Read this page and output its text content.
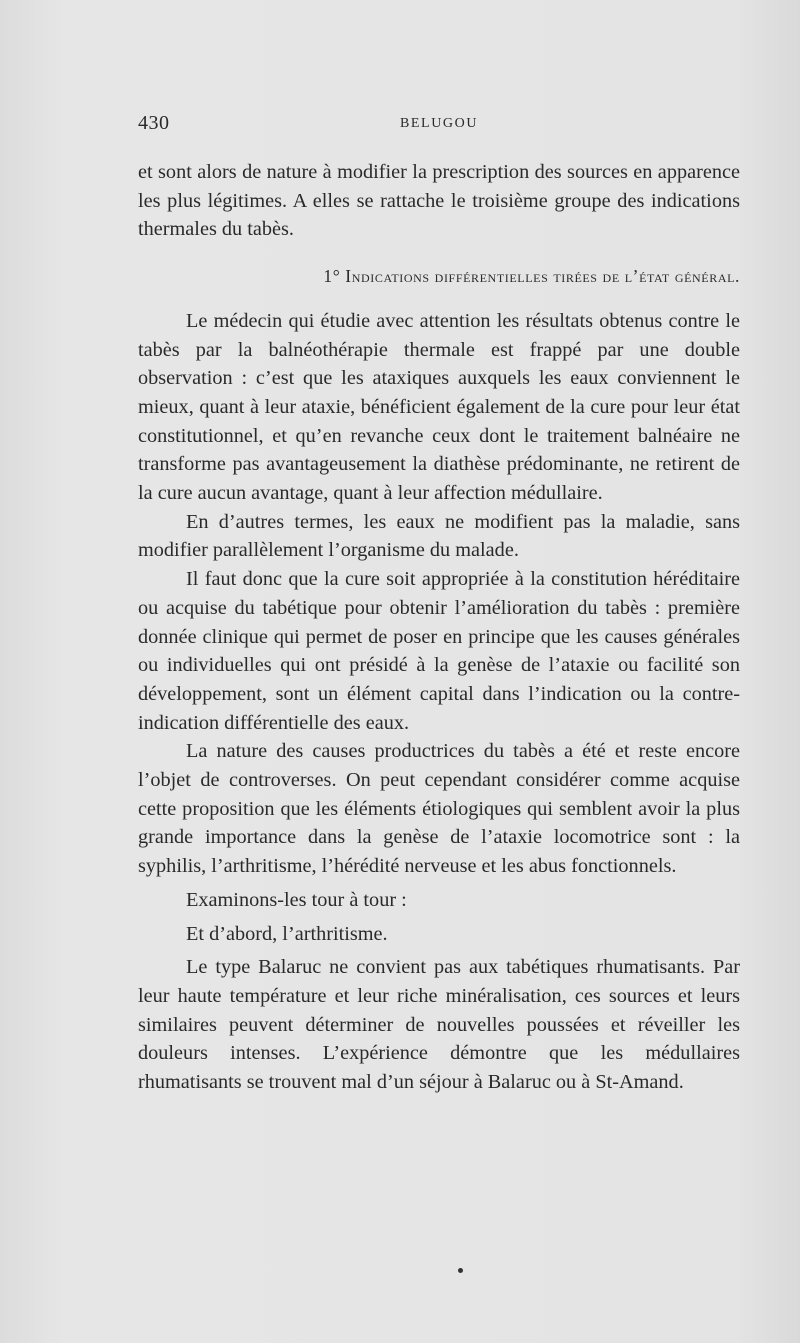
430	BELUGOU

et sont alors de nature à modifier la prescription des sources en apparence les plus légitimes. A elles se rattache le troisième groupe des indications thermales du tabès.

1° Indications différentielles tirées de l’état général.

Le médecin qui étudie avec attention les résultats obtenus contre le tabès par la balnéothérapie thermale est frappé par une double observation : c’est que les ataxiques auxquels les eaux conviennent le mieux, quant à leur ataxie, bénéficient également de la cure pour leur état constitutionnel, et qu’en revanche ceux dont le traitement balnéaire ne transforme pas avantageusement la diathèse prédominante, ne retirent de la cure aucun avantage, quant à leur affection médullaire.

En d’autres termes, les eaux ne modifient pas la maladie, sans modifier parallèlement l’organisme du malade.

Il faut donc que la cure soit appropriée à la constitution héréditaire ou acquise du tabétique pour obtenir l’amélioration du tabès : première donnée clinique qui permet de poser en principe que les causes générales ou individuelles qui ont présidé à la genèse de l’ataxie ou facilité son développement, sont un élément capital dans l’indication ou la contre-indication différentielle des eaux.

La nature des causes productrices du tabès a été et reste encore l’objet de controverses. On peut cependant considérer comme acquise cette proposition que les éléments étiologiques qui semblent avoir la plus grande importance dans la genèse de l’ataxie locomotrice sont : la syphilis, l’arthritisme, l’hérédité nerveuse et les abus fonctionnels.

Examinons-les tour à tour :

Et d’abord, l’arthritisme.

Le type Balaruc ne convient pas aux tabétiques rhumatisants. Par leur haute température et leur riche minéralisation, ces sources et leurs similaires peuvent déterminer de nouvelles poussées et réveiller les douleurs intenses. L’expérience démontre que les médullaires rhumatisants se trouvent mal d’un séjour à Balaruc ou à St-Amand.
